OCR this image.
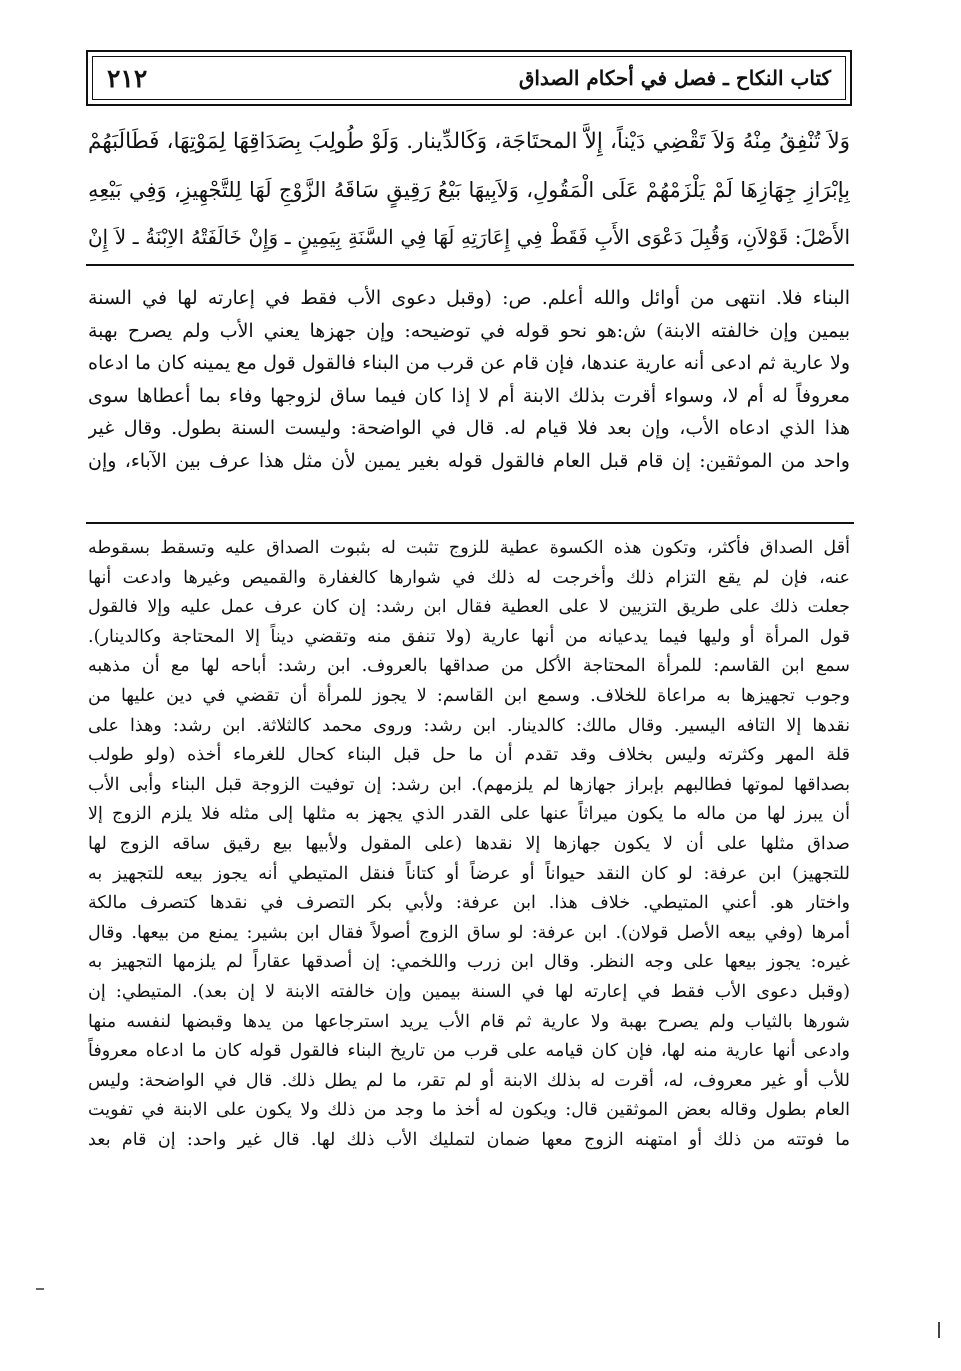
كتاب النكاح ـ فصل في أحكام الصداق
٢١٢

وَلاَ تُنْفِقُ مِنْهُ وَلاَ تَقْضِي دَيْناً، إِلاَّ المحتَاجَة، وَكَالدِّينار. وَلَوْ طُولِبَ بِصَدَاقِهَا لِمَوْتِهَا، فَطَالَبَهُمْ

بِإبْرَازِ جِهَازِهَا لَمْ يَلْزَمْهُمْ عَلَى الْمَقُولِ، وَلاَبِيهَا بَيْعُ رَقِيقٍ سَاقَهُ الزَّوْجِ لَهَا لِلتَّجْهِيزِ، وَفِي بَيْعِهِ

الأَصْلَ: قَوْلاَنِ، وَقُبِلَ دَعْوَى الأَبِ فَقَطْ فِي إِعَارَتِهِ لَهَا فِي السَّنَةِ بِيَمِينٍ ـ وَإِنْ خَالَفَتْهُ الاِبْنَةُ ـ لاَ إِنْ

البناء فلا. انتهى من أوائل والله أعلم. ص: (وقبل دعوى الأب فقط في إعارته لها في السنة

بيمين وإن خالفته الابنة) ش:هو نحو قوله في توضيحه: وإن جهزها يعني الأب ولم يصرح بهبة

ولا عارية ثم ادعى أنه عارية عندها، فإن قام عن قرب من البناء فالقول قول مع يمينه كان ما ادعاه

معروفاً له أم لا، وسواء أقرت بذلك الابنة أم لا إذا كان فيما ساق لزوجها وفاء بما أعطاها سوى

هذا الذي ادعاه الأب، وإن بعد فلا قيام له. قال في الواضحة: وليست السنة بطول. وقال غير

واحد من الموثقين: إن قام قبل العام فالقول قوله بغير يمين لأن مثل هذا عرف بين الآباء، وإن

أقل الصداق فأكثر، وتكون هذه الكسوة عطية للزوج تثبت له بثبوت الصداق عليه وتسقط بسقوطه

عنه، فإن لم يقع التزام ذلك وأخرجت له ذلك في شوارها كالغفارة والقميص وغيرها وادعت أنها

جعلت ذلك على طريق التزيين لا على العطية فقال ابن رشد: إن كان عرف عمل عليه وإلا فالقول

قول المرأة أو وليها فيما يدعيانه من أنها عارية (ولا تنفق منه وتقضي ديناً إلا المحتاجة وكالدينار).

سمع ابن القاسم: للمرأة المحتاجة الأكل من صداقها بالعروف. ابن رشد: أباحه لها مع أن مذهبه

وجوب تجهيزها به مراعاة للخلاف. وسمع ابن القاسم: لا يجوز للمرأة أن تقضي في دين عليها من

نقدها إلا التافه اليسير. وقال مالك: كالدينار. ابن رشد: وروى محمد كالثلاثة. ابن رشد: وهذا على

قلة المهر وكثرته وليس بخلاف وقد تقدم أن ما حل قبل البناء كحال للغرماء أخذه (ولو طولب

بصداقها لموتها فطالبهم بإبراز جهازها لم يلزمهم). ابن رشد: إن توفيت الزوجة قبل البناء وأبى الأب

أن يبرز لها من ماله ما يكون ميراثاً عنها على القدر الذي يجهز به مثلها إلى مثله فلا يلزم الزوج إلا

صداق مثلها على أن لا يكون جهازها إلا نقدها (على المقول ولأبيها بيع رقيق ساقه الزوج لها

للتجهيز) ابن عرفة: لو كان النقد حيواناً أو عرضاً أو كتاناً فنقل المتيطي أنه يجوز بيعه للتجهيز به

واختار هو. أعني المتيطي. خلاف هذا. ابن عرفة: ولأبي بكر التصرف في نقدها كتصرف مالكة

أمرها (وفي بيعه الأصل قولان). ابن عرفة: لو ساق الزوج أصولاً فقال ابن بشير: يمنع من بيعها. وقال

غيره: يجوز بيعها على وجه النظر. وقال ابن زرب واللخمي: إن أصدقها عقاراً لم يلزمها التجهيز به

(وقبل دعوى الأب فقط في إعارته لها في السنة بيمين وإن خالفته الابنة لا إن بعد). المتيطي: إن

شورها بالثياب ولم يصرح بهبة ولا عارية ثم قام الأب يريد استرجاعها من يدها وقبضها لنفسه منها

وادعى أنها عارية منه لها، فإن كان قيامه على قرب من تاريخ البناء فالقول قوله كان ما ادعاه معروفاً

للأب أو غير معروف، له، أقرت له بذلك الابنة أو لم تقر، ما لم يطل ذلك. قال في الواضحة: وليس

العام بطول وقاله بعض الموثقين قال: ويكون له أخذ ما وجد من ذلك ولا يكون على الابنة في تفويت

ما فوتته من ذلك أو امتهنه الزوج معها ضمان لتمليك الأب ذلك لها. قال غير واحد: إن قام بعد
